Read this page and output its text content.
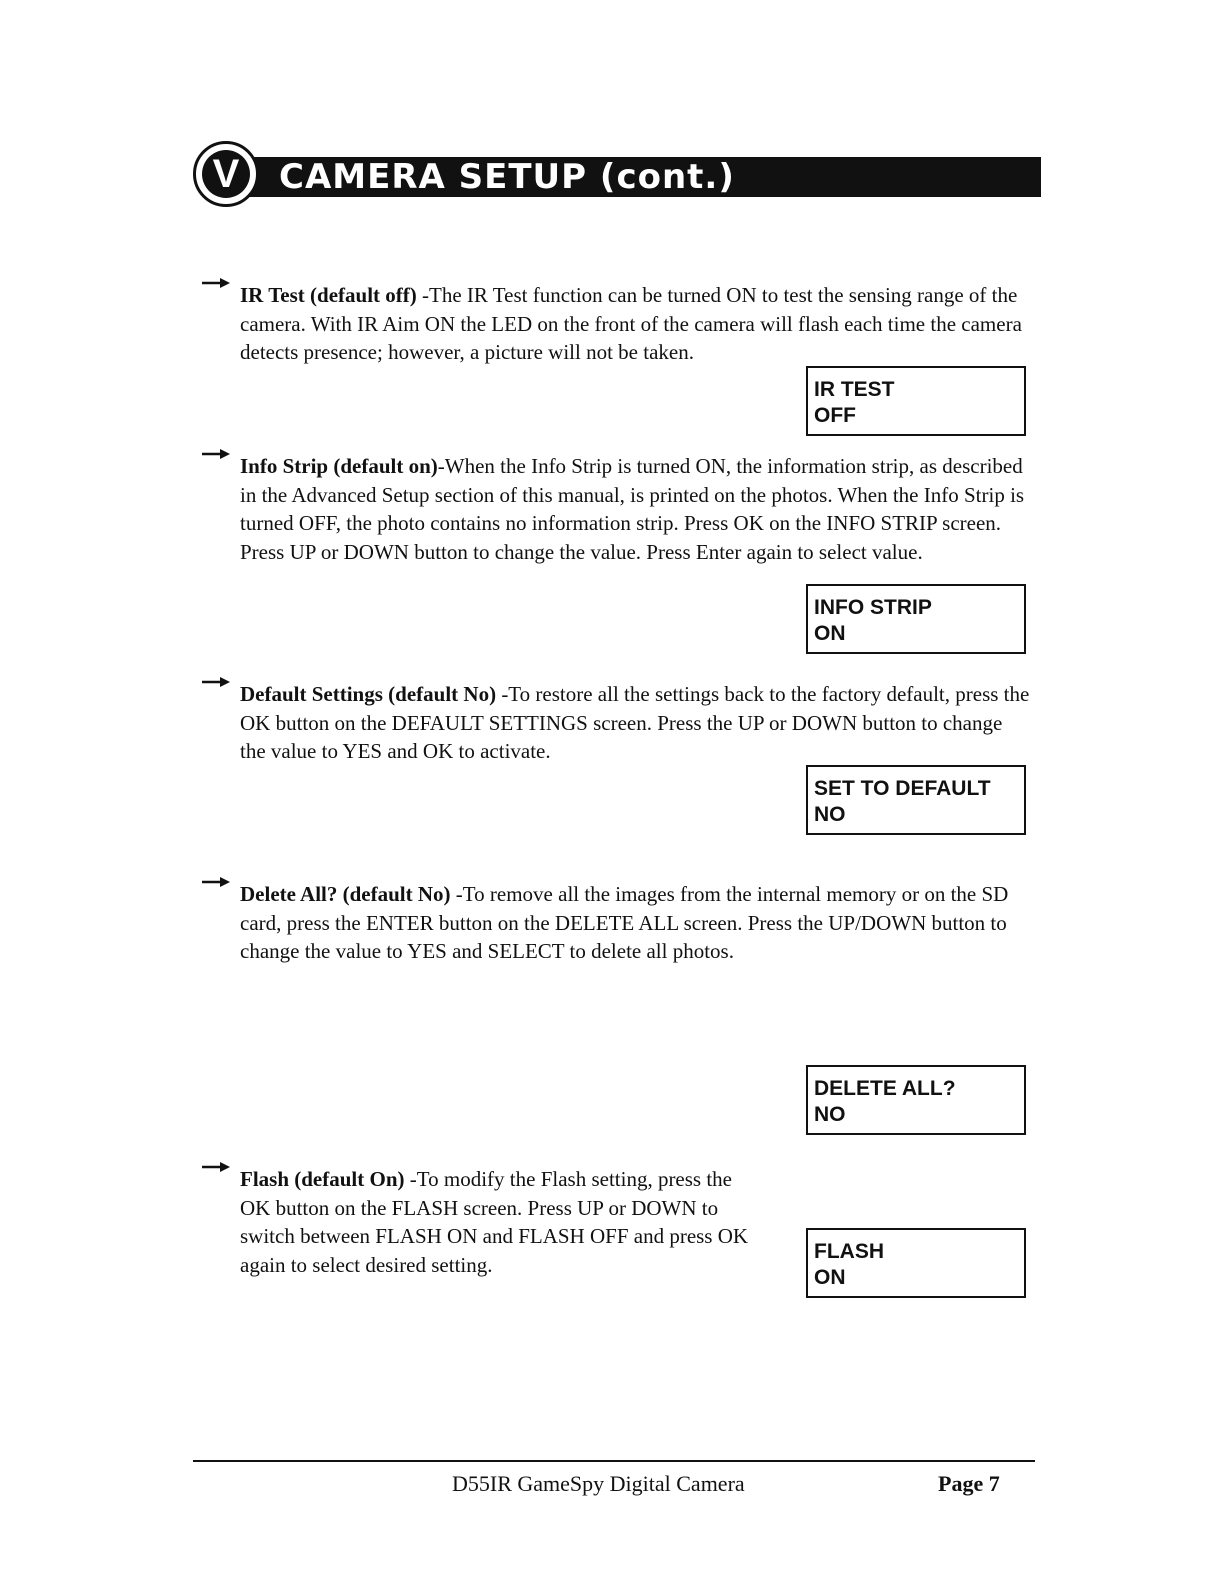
V	CAMERA SETUP (cont.)
IR Test (default off) -The IR Test function can be turned ON to test the sensing range of the camera. With IR Aim ON the LED on the front of the camera will flash each time the camera detects presence; however, a picture will not be taken.
IR TEST
OFF
Info Strip (default on)-When the Info Strip is turned ON, the information strip, as described in the Advanced Setup section of this manual, is printed on the photos. When the Info Strip is turned OFF, the photo contains no information strip. Press OK on the INFO STRIP screen. Press UP or DOWN button to change the value. Press Enter again to select value.
INFO STRIP
ON
Default Settings (default No) -To restore all the settings back to the factory default, press the OK button on the DEFAULT SETTINGS screen. Press the UP or DOWN button to change the value to YES and OK to activate.
SET TO DEFAULT
NO
Delete All? (default No) -To remove all the images from the internal memory or on the SD card, press the ENTER button on the DELETE ALL screen. Press the UP/DOWN button to change the value to YES and SELECT to delete all photos.
DELETE ALL?
NO
Flash (default On) -To modify the Flash setting, press the OK button on the FLASH screen. Press UP or DOWN to switch between FLASH ON and FLASH OFF and press OK again to select desired setting.
FLASH
ON
D55IR GameSpy Digital Camera	Page 7
